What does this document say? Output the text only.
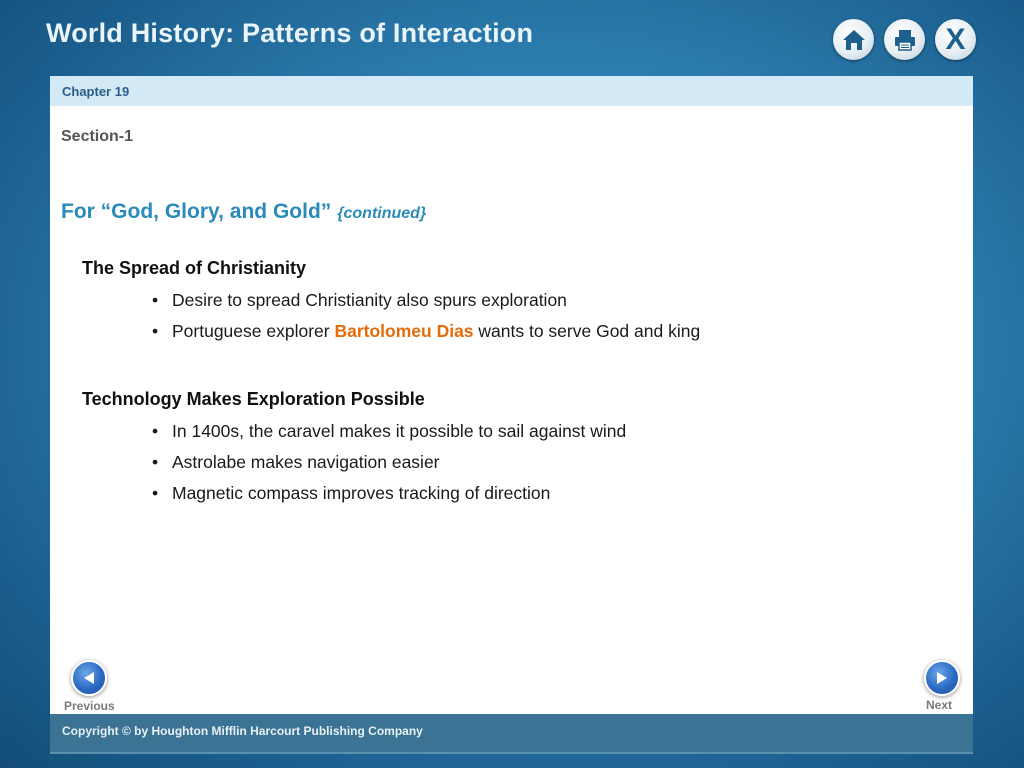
World History: Patterns of Interaction	X
Chapter 19
Section-1
For “God, Glory, and Gold” {continued}
The Spread of Christianity
• Desire to spread Christianity also spurs exploration
• Portuguese explorer Bartolomeu Dias wants to serve God and king
Technology Makes Exploration Possible
• In 1400s, the caravel makes it possible to sail against wind
• Astrolabe makes navigation easier
• Magnetic compass improves tracking of direction
Previous	Next
Copyright © by Houghton Mifflin Harcourt Publishing Company
